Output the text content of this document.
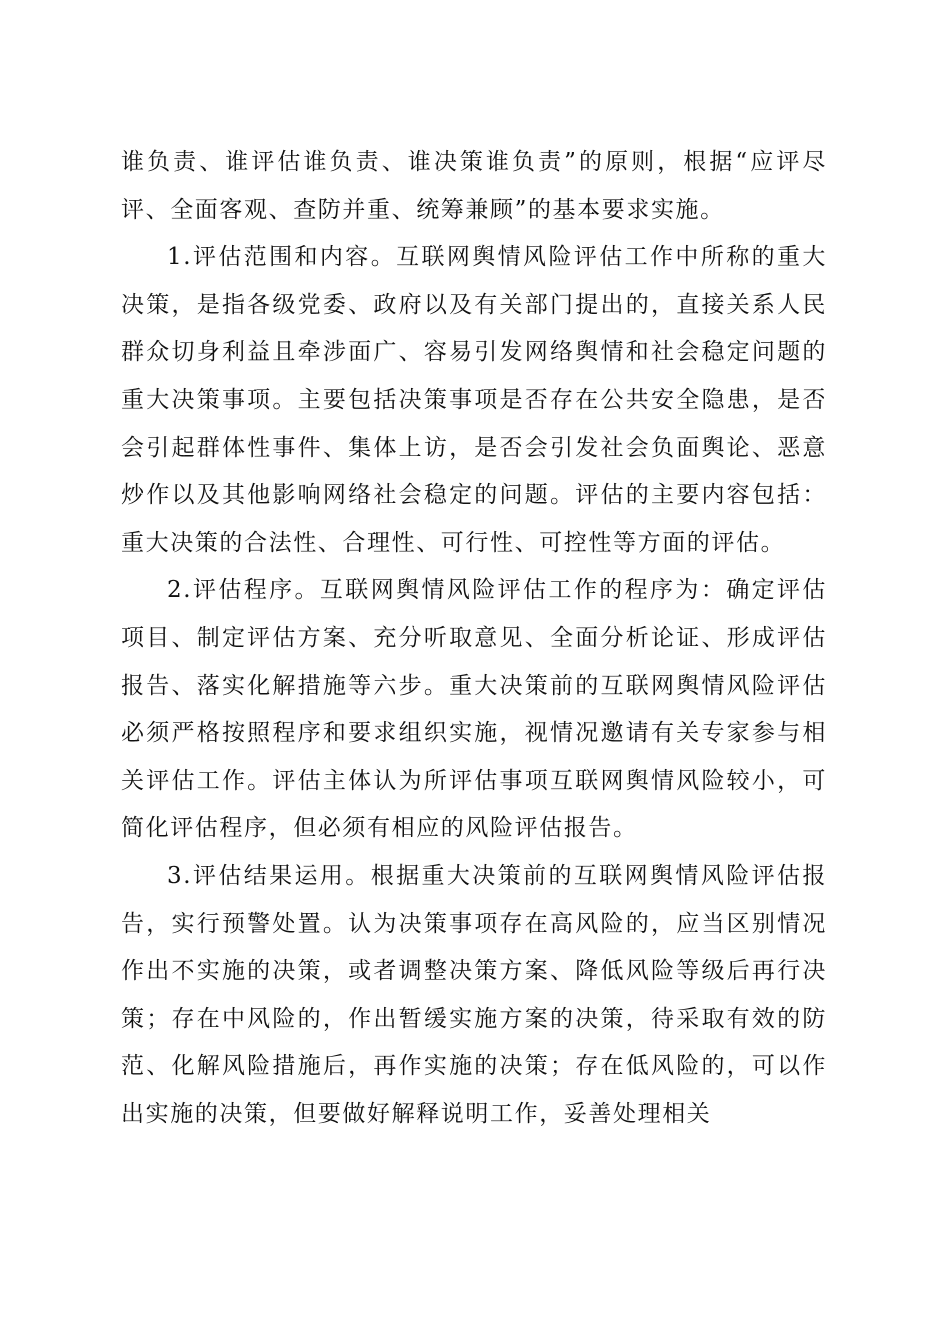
谁负责、谁评估谁负责、谁决策谁负责”的原则，根据“应评尽评、全面客观、查防并重、统筹兼顾”的基本要求实施。

1.评估范围和内容。互联网舆情风险评估工作中所称的重大决策，是指各级党委、政府以及有关部门提出的，直接关系人民群众切身利益且牵涉面广、容易引发网络舆情和社会稳定问题的重大决策事项。主要包括决策事项是否存在公共安全隐患，是否会引起群体性事件、集体上访，是否会引发社会负面舆论、恶意炒作以及其他影响网络社会稳定的问题。评估的主要内容包括：重大决策的合法性、合理性、可行性、可控性等方面的评估。

2.评估程序。互联网舆情风险评估工作的程序为：确定评估项目、制定评估方案、充分听取意见、全面分析论证、形成评估报告、落实化解措施等六步。重大决策前的互联网舆情风险评估必须严格按照程序和要求组织实施，视情况邀请有关专家参与相关评估工作。评估主体认为所评估事项互联网舆情风险较小，可简化评估程序，但必须有相应的风险评估报告。

3.评估结果运用。根据重大决策前的互联网舆情风险评估报告，实行预警处置。认为决策事项存在高风险的，应当区别情况作出不实施的决策，或者调整决策方案、降低风险等级后再行决策；存在中风险的，作出暂缓实施方案的决策，待采取有效的防范、化解风险措施后，再作实施的决策；存在低风险的，可以作出实施的决策，但要做好解释说明工作，妥善处理相关
